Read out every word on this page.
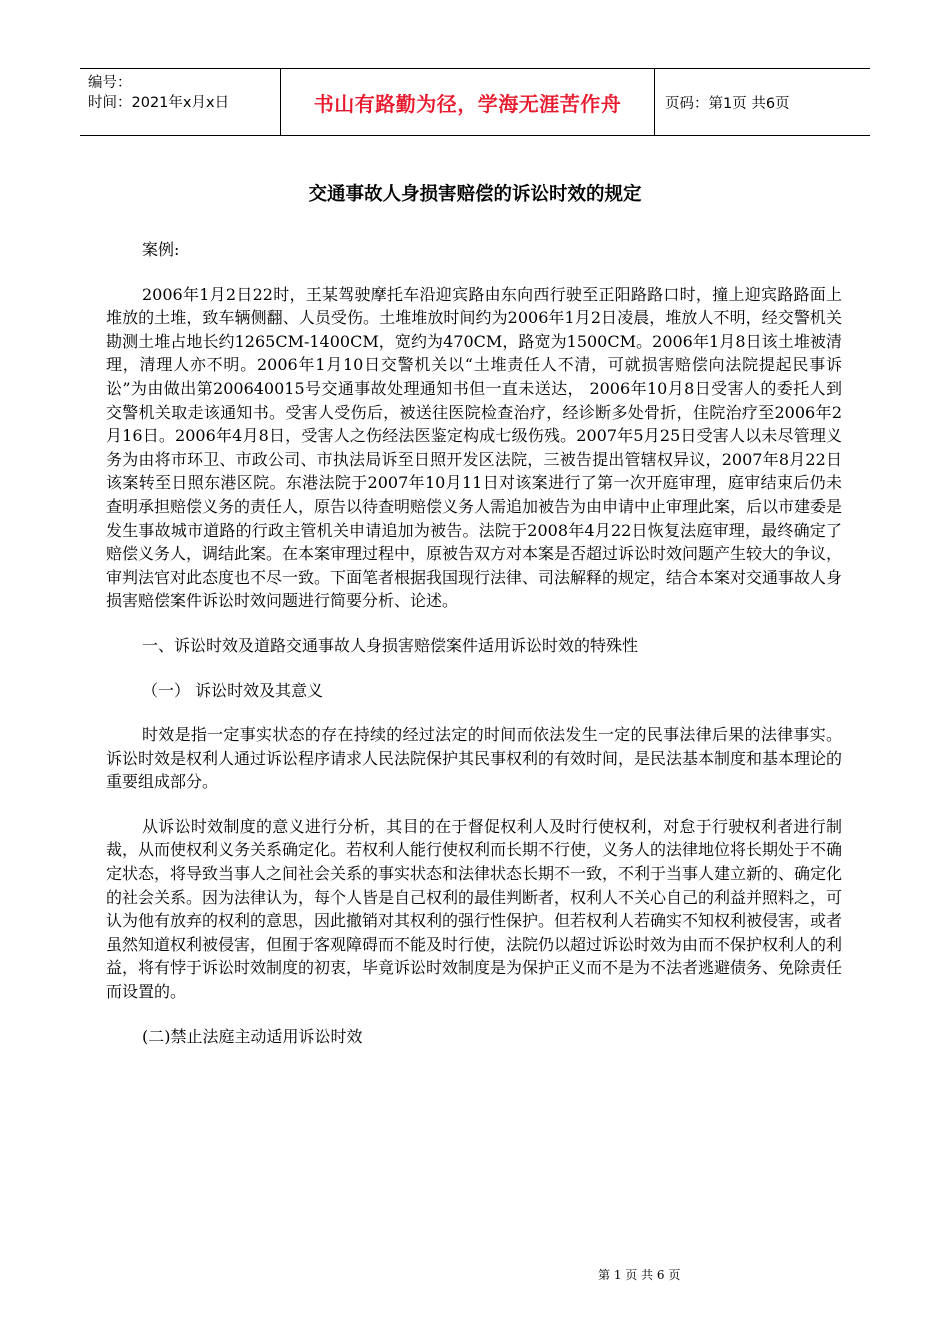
编号：
时间：2021年x月x日	书山有路勤为径，学海无涯苦作舟	页码：第1页 共6页
交通事故人身损害赔偿的诉讼时效的规定

案例:

2006年1月2日22时，王某驾驶摩托车沿迎宾路由东向西行驶至正阳路路口时，撞上迎宾路路面上堆放的土堆，致车辆侧翻、人员受伤。土堆堆放时间约为2006年1月2日凌晨，堆放人不明，经交警机关勘测土堆占地长约1265CM-1400CM，宽约为470CM，路宽为1500CM。2006年1月8日该土堆被清理，清理人亦不明。2006年1月10日交警机关以“土堆责任人不清，可就损害赔偿向法院提起民事诉讼”为由做出第200640015号交通事故处理通知书但一直未送达， 2006年10月8日受害人的委托人到交警机关取走该通知书。受害人受伤后，被送往医院检查治疗，经诊断多处骨折，住院治疗至2006年2月16日。2006年4月8日，受害人之伤经法医鉴定构成七级伤残。2007年5月25日受害人以未尽管理义务为由将市环卫、市政公司、市执法局诉至日照开发区法院，三被告提出管辖权异议，2007年8月22日该案转至日照东港区院。东港法院于2007年10月11日对该案进行了第一次开庭审理，庭审结束后仍未查明承担赔偿义务的责任人，原告以待查明赔偿义务人需追加被告为由申请中止审理此案，后以市建委是发生事故城市道路的行政主管机关申请追加为被告。法院于2008年4月22日恢复法庭审理，最终确定了赔偿义务人，调结此案。在本案审理过程中，原被告双方对本案是否超过诉讼时效问题产生较大的争议，审判法官对此态度也不尽一致。下面笔者根据我国现行法律、司法解释的规定，结合本案对交通事故人身损害赔偿案件诉讼时效问题进行简要分析、论述。

一、诉讼时效及道路交通事故人身损害赔偿案件适用诉讼时效的特殊性

（一） 诉讼时效及其意义

时效是指一定事实状态的存在持续的经过法定的时间而依法发生一定的民事法律后果的法律事实。诉讼时效是权利人通过诉讼程序请求人民法院保护其民事权利的有效时间，是民法基本制度和基本理论的重要组成部分。

从诉讼时效制度的意义进行分析，其目的在于督促权利人及时行使权利，对怠于行驶权利者进行制裁，从而使权利义务关系确定化。若权利人能行使权利而长期不行使，义务人的法律地位将长期处于不确定状态，将导致当事人之间社会关系的事实状态和法律状态长期不一致，不利于当事人建立新的、确定化的社会关系。因为法律认为，每个人皆是自己权利的最佳判断者，权利人不关心自己的利益并照料之，可认为他有放弃的权利的意思，因此撤销对其权利的强行性保护。但若权利人若确实不知权利被侵害，或者虽然知道权利被侵害，但囿于客观障碍而不能及时行使，法院仍以超过诉讼时效为由而不保护权利人的利益，将有悖于诉讼时效制度的初衷，毕竟诉讼时效制度是为保护正义而不是为不法者逃避债务、免除责任而设置的。

(二)禁止法庭主动适用诉讼时效

第 1 页 共 6 页
